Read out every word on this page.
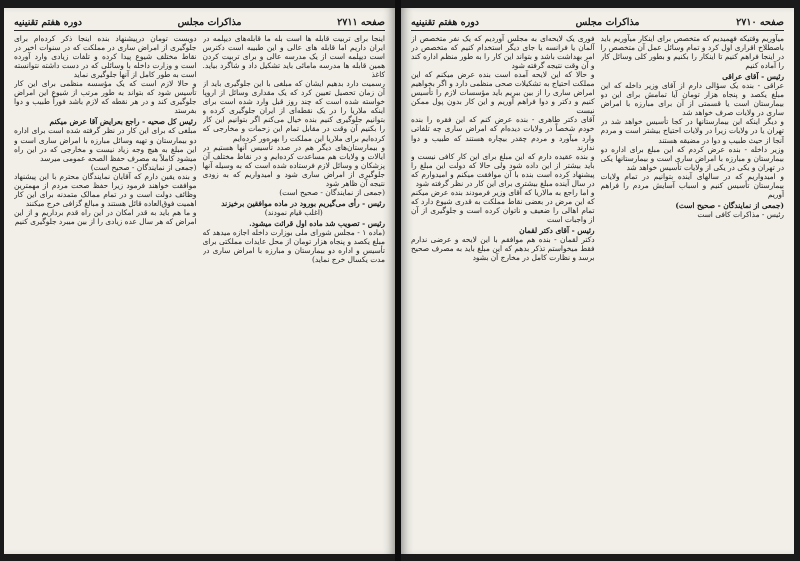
صفحه ۲۷۱۱
مذاکرات مجلس
دوره هفتم تقنینیه

اینجا برای تربیت قابله ها است بله ما قابله‌های دیپلمه در ایران داریم اما قابله های عالی و این طبیبه است دکترس است دیپلمه است از یک مدرسه عالی و برای تربیت کردن همین قابله ها مدرسه مامائی باید تشکیل داد و شاگرد بیاید. کاغذ

رسمیت دارد بدهیم ایشان که مبلغی با این جلوگیری باید از آن زمان تحصیل تعیین کرد که یک مقداری وسائل از اروپا خواسته شده است که چند روز قبل وارد شده است برای اینکه ملاریا را در یک نقطه‌ای از ایران جلوگیری کرده و بتوانیم جلوگیری کنیم بنده خیال می‌کنم اگر بتوانیم این کار را بکنیم آن وقت در مقابل تمام این زحمات و مخارجی که کرده‌ایم برای ملاریا این مملکت را بهره‌ور کرده‌ایم

و بیمارستان‌های دیگر هم در صدد تأسیس آنها هستیم در ایالات و ولایات هم مساعدت کرده‌ایم و در نقاط مختلف آن پزشکان و وسائل لازم فرستاده شده است که به وسیله آنها جلوگیری از امراض ساری شود و امیدواریم که به زودی نتیجه آن ظاهر شود

(جمعی از نمایندگان - صحیح است)

رئیس - رأی می‌گیریم بورود در ماده موافقین برخیزند

(اغلب قیام نمودند)

رئیس - تصویب شد ماده اول قرائت میشود.

(ماده ۱ - مجلس شورای ملی بوزارت داخله اجازه میدهد که مبلغ یکصد و پنجاه هزار تومان از محل عایدات مملکتی برای تأسیس و اداره دو بیمارستان و مبارزه با امراض ساری در مدت یکسال خرج نماید)

دویست تومان درپیشنهاد بنده اینجا ذکر کرده‌ام برای جلوگیری از امراض ساری در مملکت که در سنوات اخیر در نقاط مختلف شیوع پیدا کرده و تلفات زیادی وارد آورده است و وزارت داخله با وسائلی که در دست داشته نتوانسته است به طور کامل از آنها جلوگیری نماید

و حالا لازم است که یک مؤسسه منظمی برای این کار تأسیس شود که بتواند به طور مرتب از شیوع این امراض جلوگیری کند و در هر نقطه که لازم باشد فوراً طبیب و دوا بفرستد

رئیس کل صحیه - راجع بعرایض آقا عرض میکنم

مبلغی که برای این کار در نظر گرفته شده است برای اداره دو بیمارستان و تهیه وسائل مبارزه با امراض ساری است و این مبلغ به هیچ وجه زیاد نیست و مخارجی که در این راه میشود کاملاً به مصرف حفظ الصحه عمومی میرسد

(جمعی از نمایندگان - صحیح است)

و بنده یقین دارم که آقایان نمایندگان محترم با این پیشنهاد موافقت خواهند فرمود زیرا حفظ صحت مردم از مهمترین وظائف دولت است و در تمام ممالک متمدنه برای این کار اهمیت فوق‌العاده قائل هستند و مبالغ گزافی خرج میکنند

و ما هم باید به قدر امکان در این راه قدم برداریم و از این امراض که هر سال عده زیادی را از بین میبرد جلوگیری کنیم

صفحه ۲۷۱۰
مذاکرات مجلس
دوره هفتم تقنینیه

میآوریم وقتیکه فهمیدیم که متخصص برای اینکار میآوریم باید باصطلاح اقراری اول کرد و تمام وسائل عمل آن متخصص را در اینجا فراهم کنیم تا اینکار را بکنیم و بطور کلی وسائل کار را آماده کنیم

رئیس - آقای عراقی

عراقی - بنده یک سؤالی دارم از آقای وزیر داخله که این مبلغ یکصد و پنجاه هزار تومان آیا تمامش برای این دو بیمارستان است یا قسمتی از آن برای مبارزه با امراض ساری در ولایات صرف خواهد شد

و دیگر اینکه این بیمارستانها در کجا تأسیس خواهد شد در تهران یا در ولایات زیرا در ولایات احتیاج بیشتر است و مردم آنجا از حیث طبیب و دوا در مضیقه هستند

وزیر داخله - بنده عرض کردم که این مبلغ برای اداره دو بیمارستان و مبارزه با امراض ساری است و بیمارستانها یکی در تهران و یکی در یکی از ولایات تأسیس خواهد شد

و امیدواریم که در سالهای آینده بتوانیم در تمام ولایات بیمارستان تأسیس کنیم و اسباب آسایش مردم را فراهم آوریم

(جمعی از نمایندگان - صحیح است)

رئیس - مذاکرات کافی است

فوری یک لایحه‌ای به مجلس آوردیم که یک نفر متخصص از آلمان یا فرانسه یا جای دیگر استخدام کنیم که متخصص در امر بهداشت باشد و بتواند این کار را به طور منظم اداره کند و آن وقت نتیجه گرفته شود

و حالا که این لایحه آمده است بنده عرض میکنم که این مملکت احتیاج به تشکیلات صحی منظمی دارد و اگر بخواهیم امراض ساری را از بین ببریم باید مؤسسات لازم را تأسیس کنیم و دکتر و دوا فراهم آوریم و این کار بدون پول ممکن نیست

آقای دکتر طاهری - بنده عرض کنم که این فقره را بنده خودم شخصاً در ولایات دیده‌ام که امراض ساری چه تلفاتی وارد میآورد و مردم چقدر بیچاره هستند که طبیب و دوا ندارند

و بنده عقیده دارم که این مبلغ برای این کار کافی نیست و باید بیشتر از این داده شود ولی حالا که دولت این مبلغ را پیشنهاد کرده است بنده با آن موافقت میکنم و امیدوارم که در سال آینده مبلغ بیشتری برای این کار در نظر گرفته شود

و اما راجع به مالاریا که آقای وزیر فرمودند بنده عرض میکنم که این مرض در بعضی نقاط مملکت به قدری شیوع دارد که تمام اهالی را ضعیف و ناتوان کرده است و جلوگیری از آن از واجبات است

رئیس - آقای دکتر لقمان

دکتر لقمان - بنده هم موافقم با این لایحه و عرضی ندارم فقط میخواستم تذکر بدهم که این مبلغ باید به مصرف صحیح برسد و نظارت کامل در مخارج آن بشود
